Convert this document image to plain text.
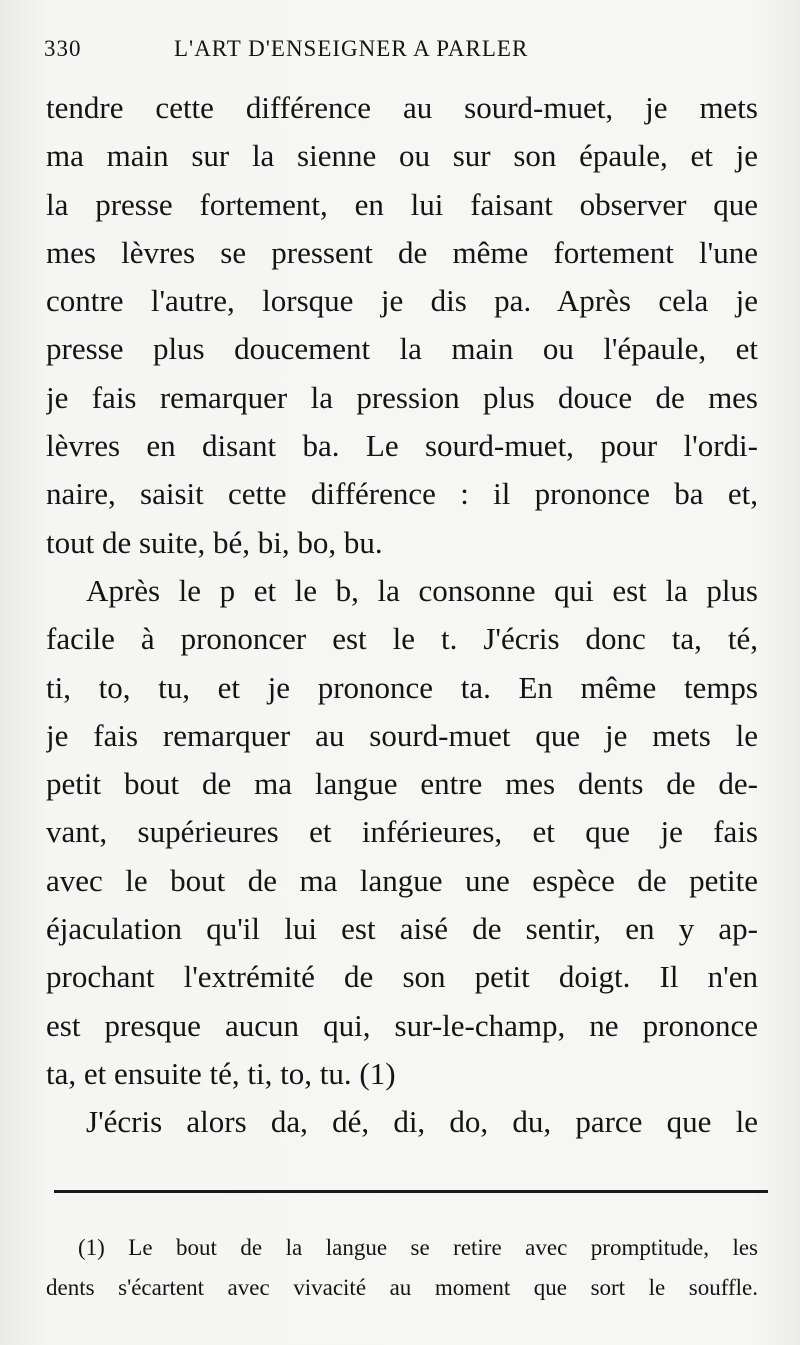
330	L'ART D'ENSEIGNER A PARLER
tendre cette différence au sourd-muet, je mets
ma main sur la sienne ou sur son épaule, et je
la presse fortement, en lui faisant observer que
mes lèvres se pressent de même fortement l'une
contre l'autre, lorsque je dis pa. Après cela je
presse plus doucement la main ou l'épaule, et
je fais remarquer la pression plus douce de mes
lèvres en disant ba. Le sourd-muet, pour l'ordi-
naire, saisit cette différence : il prononce ba et,
tout de suite, bé, bi, bo, bu.
Après le p et le b, la consonne qui est la plus
facile à prononcer est le t. J'écris donc ta, té,
ti, to, tu, et je prononce ta. En même temps
je fais remarquer au sourd-muet que je mets le
petit bout de ma langue entre mes dents de de-
vant, supérieures et inférieures, et que je fais
avec le bout de ma langue une espèce de petite
éjaculation qu'il lui est aisé de sentir, en y ap-
prochant l'extrémité de son petit doigt. Il n'en
est presque aucun qui, sur-le-champ, ne prononce
ta, et ensuite té, ti, to, tu. (1)
J'écris alors da, dé, di, do, du, parce que le
(1) Le bout de la langue se retire avec promptitude, les
dents s'écartent avec vivacité au moment que sort le souffle.
